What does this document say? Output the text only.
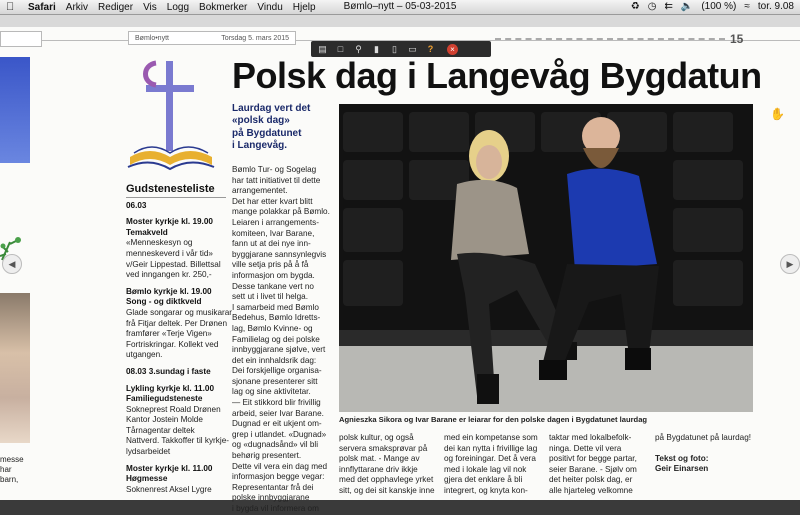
Safari Arkiv Rediger Vis Logg Bokmerker Vindu Hjelp	Bømlo–nytt – 05-03-2015	♻ ◷ ⇇ 🔈 (100 %) ≈ tor. 9.08
Bømlo•nytt	Torsdag 5. mars 2015	15
▤	□	⚲	▮	▯	▭	?	×
messe
har
barn,
◀	▶
✋
Gudstenesteliste
06.03
Moster kyrkje kl. 19.00
Temakveld
«Menneskesyn og
menneskeverd i vår tid»
v/Geir Lippestad. Billettsal
ved inngangen kr. 250,-
Bømlo kyrkje kl. 19.00
Song - og diktkveld
Glade songarar og musikarar
frå Fitjar deltek. Per Drønen
framfører «Terje Vigen»
Fortriskringar. Kollekt ved
utgangen.
08.03 3.sundag i faste
Lykling kyrkje kl. 11.00
Familiegudsteneste
Sokneprest Roald Drønen
Kantor Jostein Molde
Tårnagentar deltek
Nattverd. Takkoffer til kyrkje-
lydsarbeidet
Moster kyrkje kl. 11.00
Høgmesse
Soknenrest Aksel Lygre
Polsk dag i Langevåg Bygdatun
Laurdag vert det
«polsk dag»
på Bygdatunet
i Langevåg.
Bømlo Tur- og Sogelag
har tatt initiativet til dette
arrangementet.
Det har etter kvart blitt
mange polakkar på Bømlo.
Leiaren i arrangements-
komiteen, Ivar Barane,
fann ut at dei nye inn-
byggjarane sannsynlegvis
ville setja pris på å få
informasjon om bygda.
Desse tankane vert no
sett ut i livet til helga.
I samarbeid med Bømlo
Bedehus, Bømlo Idretts-
lag, Bømlo Kvinne- og
Familielag og dei polske
innbyggjarane sjølve, vert
det ein innhaldsrik dag:
Dei forskjellige organisa-
sjonane presenterer sitt
lag og sine aktivitetar.
— Eit stikkord blir frivillig
arbeid, seier Ivar Barane.
Dugnad er eit ukjent om-
grep i utlandet. «Dugnad»
og «dugnadsånd» vil bli
behørig presentert.
Dette vil vera ein dag med
informasjon begge vegar:
Representantar frå dei
polske innbyggjarane
i bygda vil informera om
Agnieszka Sikora og Ivar Barane er leiarar for den polske dagen i Bygdatunet laurdag
polsk kultur, og også
servera smaksprøvar på
polsk mat. - Mange av
innflyttarane driv ikkje
med det opphavlege yrket
sitt, og dei sit kanskje inne
med ein kompetanse som
dei kan nytta i frivillige lag
og foreiningar. Det å vera
med i lokale lag vil nok
gjera det enklare å bli
integrert, og knyta kon-
taktar med lokalbefolk-
ninga. Dette vil vera
positivt for begge partar,
seier Barane. - Sjølv om
det heiter polsk dag, er
alle hjarteleg velkomne
på Bygdatunet på laurdag!
Tekst og foto:
Geir Einarsen
